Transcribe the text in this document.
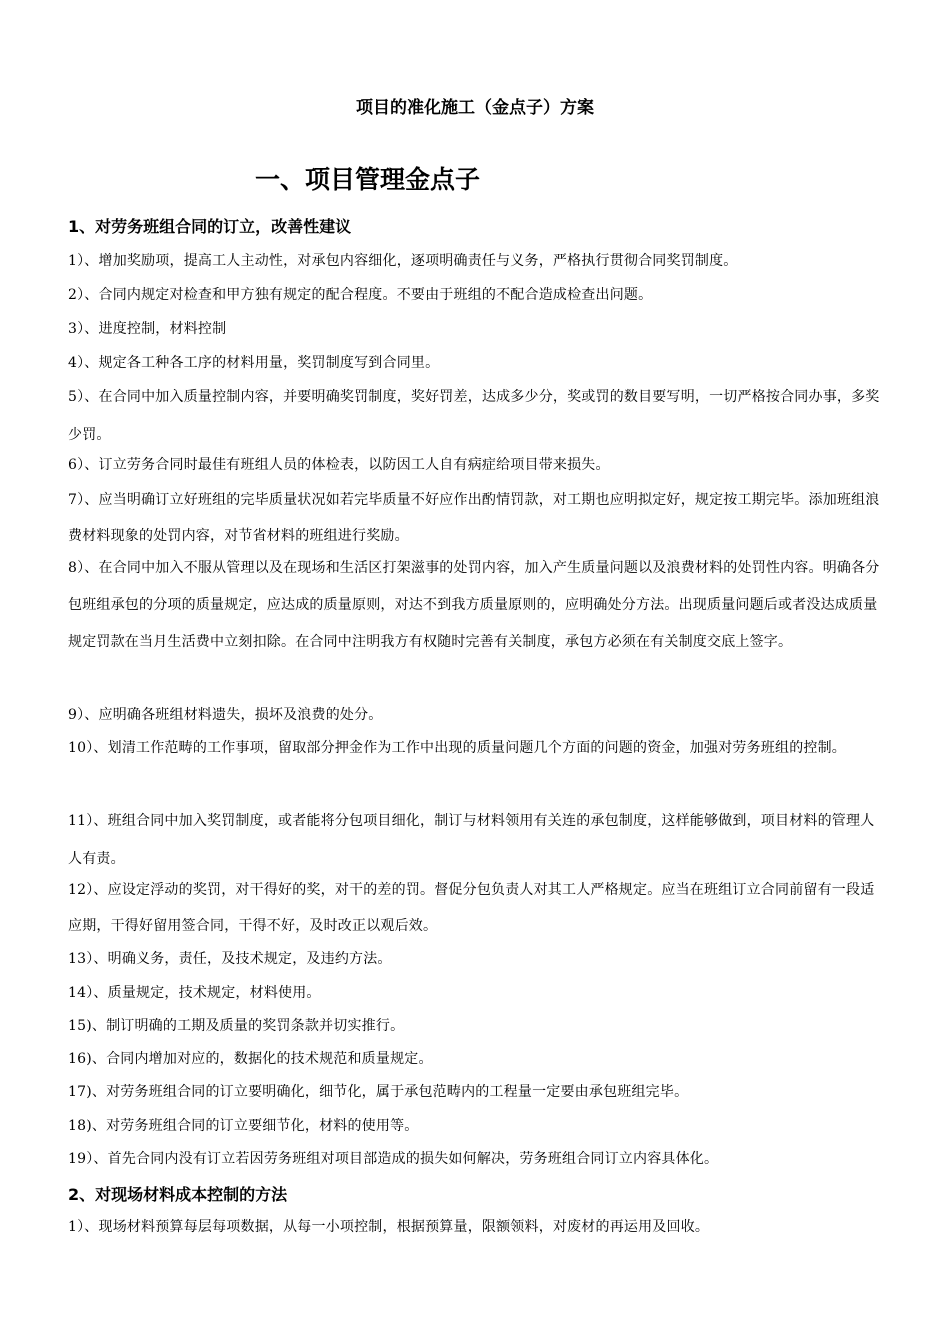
项目的准化施工（金点子）方案
一、项目管理金点子
1、对劳务班组合同的订立，改善性建议
1）、增加奖励项，提高工人主动性，对承包内容细化，逐项明确责任与义务，严格执行贯彻合同奖罚制度。
2）、合同内规定对检查和甲方独有规定的配合程度。不要由于班组的不配合造成检查出问题。
3）、进度控制，材料控制
4）、规定各工种各工序的材料用量，奖罚制度写到合同里。
5）、在合同中加入质量控制内容，并要明确奖罚制度，奖好罚差，达成多少分，奖或罚的数目要写明，一切严格按合同办事，多奖少罚。
6）、订立劳务合同时最佳有班组人员的体检表，以防因工人自有病症给项目带来损失。
7）、应当明确订立好班组的完毕质量状况如若完毕质量不好应作出酌情罚款，对工期也应明拟定好，规定按工期完毕。添加班组浪费材料现象的处罚内容，对节省材料的班组进行奖励。
8）、在合同中加入不服从管理以及在现场和生活区打架滋事的处罚内容，加入产生质量问题以及浪费材料的处罚性内容。明确各分包班组承包的分项的质量规定，应达成的质量原则，对达不到我方质量原则的，应明确处分方法。出现质量问题后或者没达成质量规定罚款在当月生活费中立刻扣除。在合同中注明我方有权随时完善有关制度，承包方必须在有关制度交底上签字。
9）、应明确各班组材料遗失，损坏及浪费的处分。
10）、划清工作范畴的工作事项，留取部分押金作为工作中出现的质量问题几个方面的问题的资金，加强对劳务班组的控制。
11）、班组合同中加入奖罚制度，或者能将分包项目细化，制订与材料领用有关连的承包制度，这样能够做到，项目材料的管理人人有责。
12）、应设定浮动的奖罚，对干得好的奖，对干的差的罚。督促分包负责人对其工人严格规定。应当在班组订立合同前留有一段适应期，干得好留用签合同，干得不好，及时改正以观后效。
13）、明确义务，责任，及技术规定，及违约方法。
14）、质量规定，技术规定，材料使用。
15)、制订明确的工期及质量的奖罚条款并切实推行。
16)、合同内增加对应的，数据化的技术规范和质量规定。
17)、对劳务班组合同的订立要明确化，细节化，属于承包范畴内的工程量一定要由承包班组完毕。
18)、对劳务班组合同的订立要细节化，材料的使用等。
19）、首先合同内没有订立若因劳务班组对项目部造成的损失如何解决，劳务班组合同订立内容具体化。
2、对现场材料成本控制的方法
1）、现场材料预算每层每项数据，从每一小项控制，根据预算量，限额领料，对废材的再运用及回收。
